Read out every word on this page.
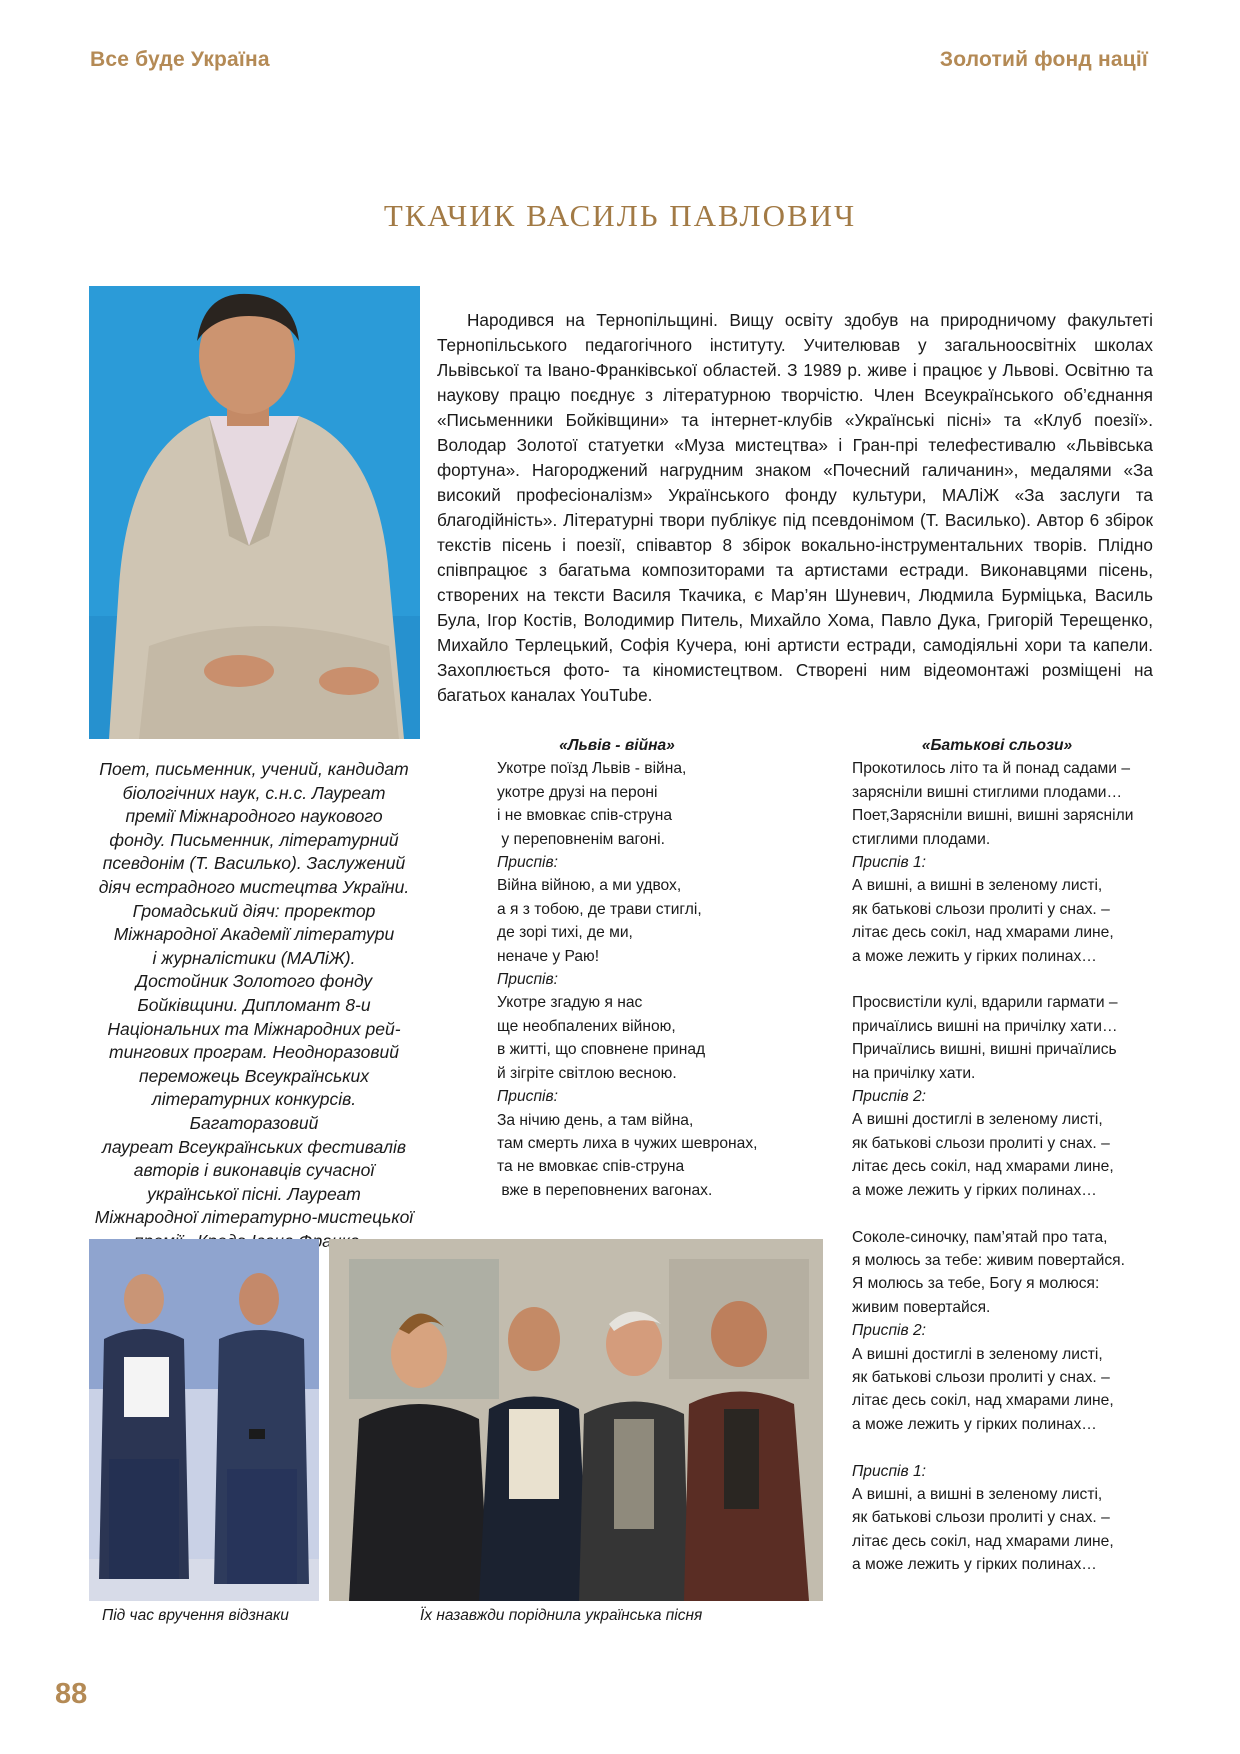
Все буде Україна	Золотий фонд нації
ТКАЧИК ВАСИЛЬ ПАВЛОВИЧ

Народився на Тернопільщині. Вищу освіту здобув на природничому факультеті Тернопільського педагогічного інституту. Учителював у загальноосвітніх школах Львівської та Івано-Франківської областей. З 1989 р. живе і працює у Львові. Освітню та наукову працю поєднує з літературною творчістю. Член Всеукраїнського об’єднання «Письменники Бойківщини» та інтернет-клубів «Українські пісні» та «Клуб поезії». Володар Золотої статуетки «Муза мистецтва» і Гран-прі телефестивалю «Львівська фортуна». Нагороджений нагрудним знаком «Почесний галичанин», медалями «За високий професіоналізм» Українського фонду культури, МАЛіЖ «За заслуги та благодійність». Літературні твори публікує під псевдонімом (Т. Василько). Автор 6 збірок текстів пісень і поезії, співавтор 8 збірок вокально-інструментальних творів. Плідно співпрацює з багатьма композиторами та артистами естради. Виконавцями пісень, створених на тексти Василя Ткачика, є Мар’ян Шуневич, Людмила Бурміцька, Василь Була, Ігор Костів, Володимир Питель, Михайло Хома, Павло Дука, Григорій Терещенко, Михайло Терлецький, Софія Кучера, юні артисти естради, самодіяльні хори та капели. Захоплюється фото- та кіномистецтвом. Створені ним відеомонтажі розміщені на багатьох каналах YouTube.

Поет, письменник, учений, кандидат
біологічних наук, с.н.с. Лауреат
премії Міжнародного наукового
фонду. Письменник, літературний
псевдонім (Т. Василько). Заслужений
діяч естрадного мистецтва України.
Громадський діяч: проректор
Міжнародної Академії літератури
і журналістики (МАЛіЖ).
Достойник Золотого фонду
Бойківщини. Дипломант 8-и
Національних та Міжнародних рей-
тингових програм. Неодноразовий
переможець Всеукраїнських
літературних конкурсів. Багаторазовий
лауреат Всеукраїнських фестивалів
авторів і виконавців сучасної
української пісні. Лауреат
Міжнародної літературно-мистецької
«Львів - війна»
Укотре поїзд Львів - війна,
укотре друзі на пероні
і не вмовкає спів-струна
у переповненім вагоні.
Приспів:
Війна війною, а ми удвох,
а я з тобою, де трави стиглі,
де зорі тихі, де ми,
неначе у Раю!
Приспів:
Укотре згадую я нас
ще необпалених війною,
в житті, що сповнене принад
й зігріте світлою весною.
Приспів:
За нічию день, а там війна,
там смерть лиха в чужих шевронах,
та не вмовкає спів-струна
вже в переповнених вагонах.
«Батькові сльози»
Прокотилось літо та й понад садами –
зарясніли вишні стиглими плодами…
Поет,Зарясніли вишні, вишні зарясніли
стиглими плодами.
Приспів 1:
А вишні, а вишні в зеленому листі,
як батькові сльози пролиті у снах. –
літає десь сокіл, над хмарами лине,
а може лежить у гірких полинах…
Просвистіли кулі, вдарили гармати –
причаїлись вишні на причілку хати…
Причаїлись вишні, вишні причаїлись
на причілку хати.
Приспів 2:
А вишні достиглі в зеленому листі,
як батькові сльози пролиті у снах. –
літає десь сокіл, над хмарами лине,
а може лежить у гірких полинах…
Соколе-синочку, пам’ятай про тата,
я молюсь за тебе: живим повертайся.
Я молюсь за тебе, Богу я молюся:
живим повертайся.
Приспів 2:
А вишні достиглі в зеленому листі,
як батькові сльози пролиті у снах. –
літає десь сокіл, над хмарами лине,
а може лежить у гірких полинах…
Приспів 1:
А вишні, а вишні в зеленому листі,
як батькові сльози пролиті у снах. –
літає десь сокіл, над хмарами лине,
а може лежить у гірких полинах…
Під час вручення відзнаки	Їх назавжди поріднила українська пісня
88
